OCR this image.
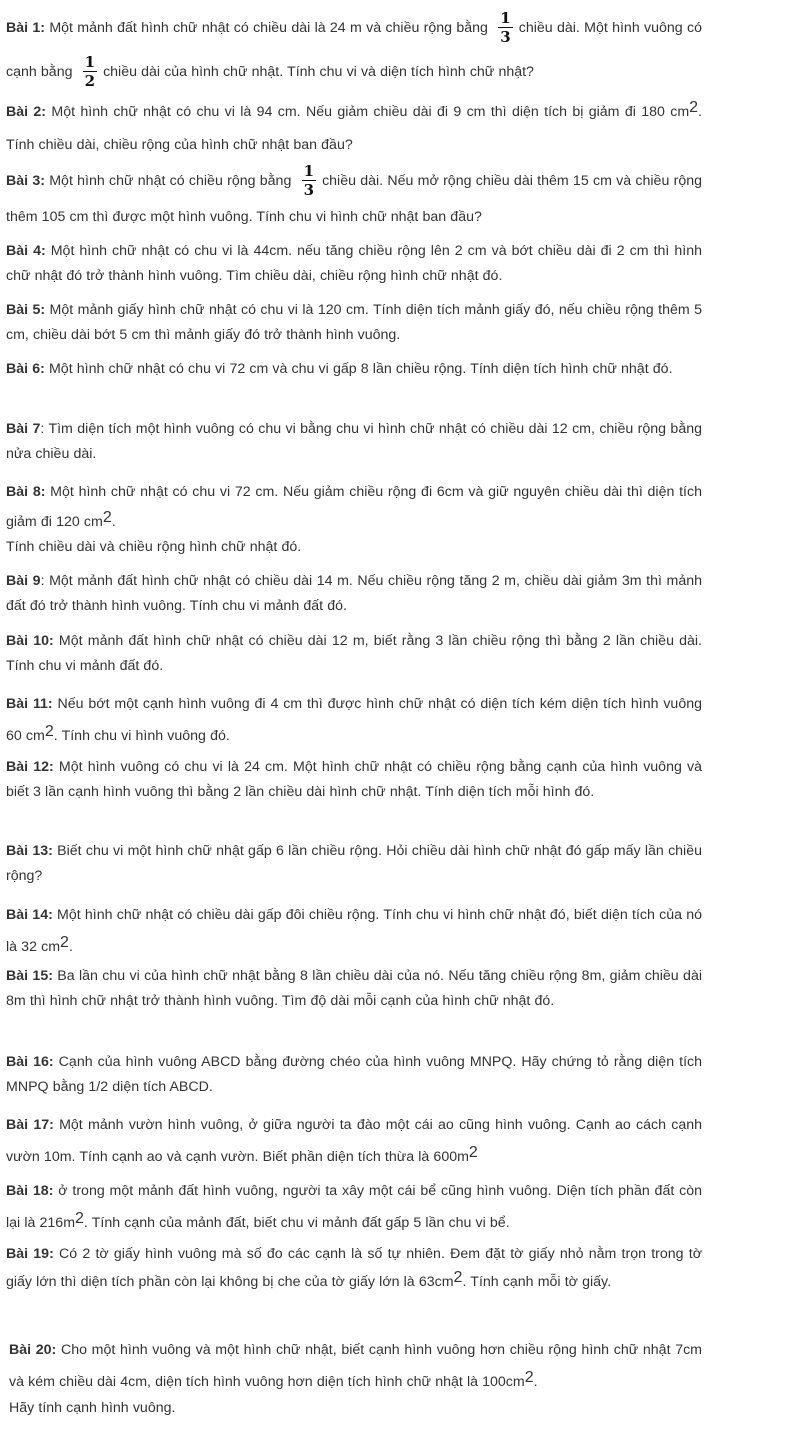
Bài 1: Một mảnh đất hình chữ nhật có chiều dài là 24 m và chiều rộng bằng $\frac{1}{3}$ chiều dài. Một hình vuông có cạnh bằng $\frac{1}{2}$ chiều dài của hình chữ nhật. Tính chu vi và diện tích hình chữ nhật?
Bài 2: Một hình chữ nhật có chu vi là 94 cm. Nếu giảm chiều dài đi 9 cm thì diện tích bị giảm đi 180 cm2. Tính chiều dài, chiều rộng của hình chữ nhật ban đầu?
Bài 3: Một hình chữ nhật có chiều rộng bằng $\frac{1}{3}$ chiều dài. Nếu mở rộng chiều dài thêm 15 cm và chiều rộng thêm 105 cm thì được một hình vuông. Tính chu vi hình chữ nhật ban đầu?
Bài 4: Một hình chữ nhật có chu vi là 44cm. nếu tăng chiều rộng lên 2 cm và bớt chiều dài đi 2 cm thì hình chữ nhật đó trở thành hình vuông. Tìm chiều dài, chiều rộng hình chữ nhật đó.
Bài 5: Một mảnh giấy hình chữ nhật có chu vi là 120 cm. Tính diện tích mảnh giấy đó, nếu chiều rộng thêm 5 cm, chiều dài bớt 5 cm thì mảnh giấy đó trở thành hình vuông.
Bài 6: Một hình chữ nhật có chu vi 72 cm và chu vi gấp 8 lần chiều rộng. Tính diện tích hình chữ nhật đó.
Bài 7: Tìm diện tích một hình vuông có chu vi bằng chu vi hình chữ nhật có chiều dài 12 cm, chiều rộng bằng nửa chiều dài.
Bài 8: Một hình chữ nhật có chu vi 72 cm. Nếu giảm chiều rộng đi 6cm và giữ nguyên chiều dài thì diện tích giảm đi 120 cm2.
Tính chiều dài và chiều rộng hình chữ nhật đó.
Bài 9: Một mảnh đất hình chữ nhật có chiều dài 14 m. Nếu chiều rộng tăng 2 m, chiều dài giảm 3m thì mảnh đất đó trở thành hình vuông. Tính chu vi mảnh đất đó.
Bài 10: Một mảnh đất hình chữ nhật có chiều dài 12 m, biết rằng 3 lần chiều rộng thì bằng 2 lần chiều dài. Tính chu vi mảnh đất đó.
Bài 11: Nếu bớt một cạnh hình vuông đi 4 cm thì được hình chữ nhật có diện tích kém diện tích hình vuông 60 cm2. Tính chu vi hình vuông đó.
Bài 12: Một hình vuông có chu vi là 24 cm. Một hình chữ nhật có chiều rộng bằng cạnh của hình vuông và biết 3 lần cạnh hình vuông thì bằng 2 lần chiều dài hình chữ nhật. Tính diện tích mỗi hình đó.
Bài 13: Biết chu vi một hình chữ nhật gấp 6 lần chiều rộng. Hỏi chiều dài hình chữ nhật đó gấp mấy lần chiều rộng?
Bài 14: Một hình chữ nhật có chiều dài gấp đôi chiều rộng. Tính chu vi hình chữ nhật đó, biết diện tích của nó là 32 cm2.
Bài 15: Ba lần chu vi của hình chữ nhật bằng 8 lần chiều dài của nó. Nếu tăng chiều rộng 8m, giảm chiều dài 8m thì hình chữ nhật trở thành hình vuông. Tìm độ dài mỗi cạnh của hình chữ nhật đó.
Bài 16: Cạnh của hình vuông ABCD bằng đường chéo của hình vuông MNPQ. Hãy chứng tỏ rằng diện tích MNPQ bằng 1/2 diện tích ABCD.
Bài 17: Một mảnh vườn hình vuông, ở giữa người ta đào một cái ao cũng hình vuông. Cạnh ao cách cạnh vườn 10m. Tính cạnh ao và cạnh vườn. Biết phần diện tích thừa là 600m2
Bài 18: ở trong một mảnh đất hình vuông, người ta xây một cái bể cũng hình vuông. Diện tích phần đất còn lại là 216m2. Tính cạnh của mảnh đất, biết chu vi mảnh đất gấp 5 lần chu vi bể.
Bài 19: Có 2 tờ giấy hình vuông mà số đo các cạnh là số tự nhiên. Đem đặt tờ giấy nhỏ nằm trọn trong tờ giấy lớn thì diện tích phần còn lại không bị che của tờ giấy lớn là 63cm2. Tính cạnh mỗi tờ giấy.
Bài 20: Cho một hình vuông và một hình chữ nhật, biết cạnh hình vuông hơn chiều rộng hình chữ nhật 7cm và kém chiều dài 4cm, diện tích hình vuông hơn diện tích hình chữ nhật là 100cm2.
Hãy tính cạnh hình vuông.
